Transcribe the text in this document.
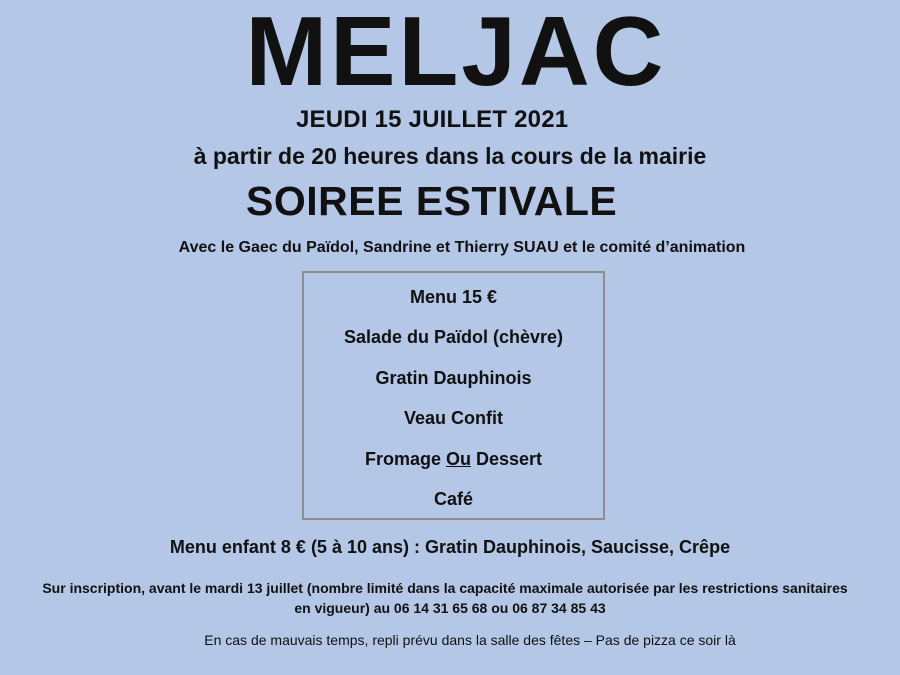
MELJAC
JEUDI 15 JUILLET 2021
à partir de 20 heures dans la cours de la mairie
SOIREE ESTIVALE
Avec le Gaec du Païdol, Sandrine et Thierry SUAU et le comité d’animation
Menu 15 €
Salade du Païdol (chèvre)
Gratin Dauphinois
Veau Confit
Fromage Ou Dessert
Café
Menu enfant 8 € (5 à 10 ans) : Gratin Dauphinois, Saucisse, Crêpe
Sur inscription, avant le mardi 13 juillet (nombre limité dans la capacité maximale autorisée par les restrictions sanitaires
en vigueur) au 06 14 31 65 68 ou 06 87 34 85 43
En cas de mauvais temps, repli prévu dans la salle des fêtes – Pas de pizza ce soir là
